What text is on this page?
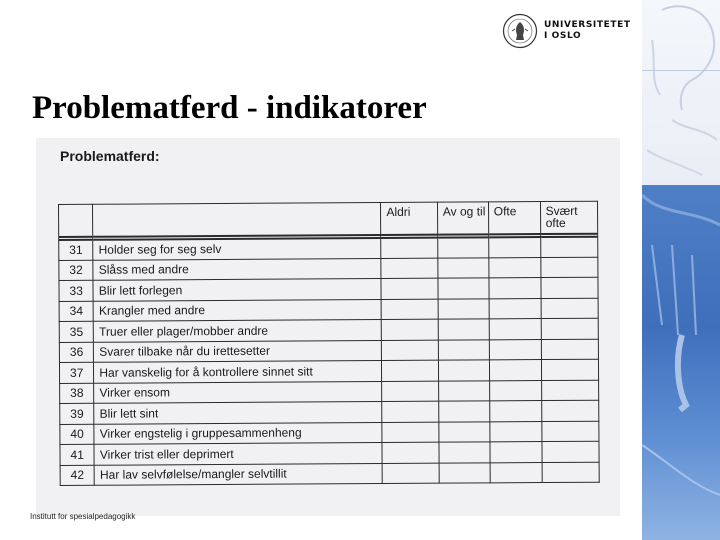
UNIVERSITETET
I OSLO
Problematferd - indikatorer
Problematferd:
		Aldri	Av og til	Ofte	Svært ofte

31	Holder seg for seg selv				
32	Slåss med andre				
33	Blir lett forlegen				
34	Krangler med andre				
35	Truer eller plager/mobber andre				
36	Svarer tilbake når du irettesetter				
37	Har vanskelig for å kontrollere sinnet sitt				
38	Virker ensom				
39	Blir lett sint				
40	Virker engstelig i gruppesammenheng				
41	Virker trist eller deprimert				
42	Har lav selvfølelse/mangler selvtillit				
Institutt for spesialpedagogikk
